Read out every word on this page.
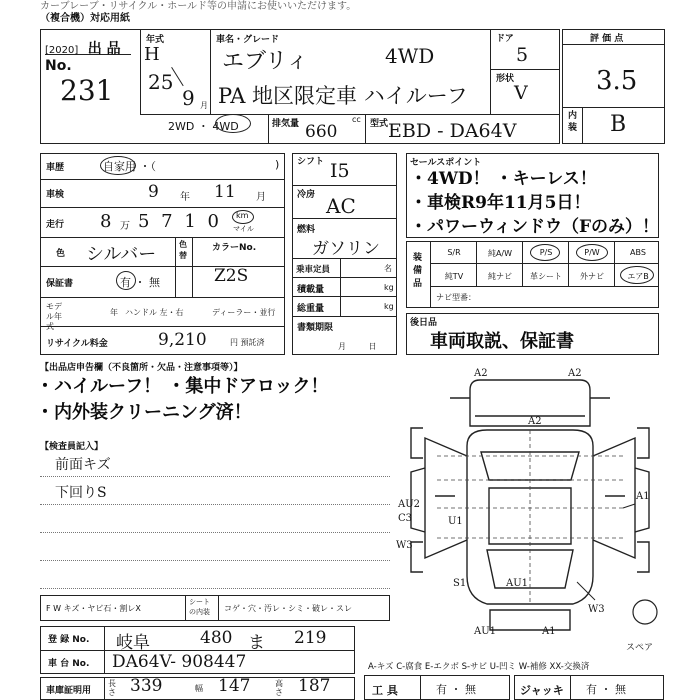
カーブレーブ・リサイクル・ホールド等の申請にお使いいただけます。
（複合機）対応用紙
[2020] 出 品 No.
231
年式
H
25
9 月
車名・グレード
エブリィ	4WD
PA 地区限定車 ハイルーフ
ドア
5
形状
V
2WD ・ 4WD	排気量	cc
660	型式 EBD - DA64V
評 価 点
3.5
内装 B
車歴	自家用 ・（	)
車検	9 年 11 月
走行 8 万 5 7 1 0 km
マイル
色 シルバー	色替
カラーNo.
Z2S
保証書	有 ・ 無
モデル年式
年 ハンドル 左・右	ディーラー・並行
リサイクル料金	9,210	円 預託済
シフト I5
冷房 AC
燃料
ガソリン
乗車定員	名
積載量	kg
総重量	kg
書類期限
月 日
セールスポイント
・4WD！ ・キーレス！
・車検R9年11月5日！
・パワーウィンドウ（Fのみ）！
装備品
S/R	純A/W	P/S	P/W	ABS
純TV	純ナビ	革シート	外ナビ	エアB
ナビ型番：
後日品
車両取説、保証書
【出品店申告欄（不良箇所・欠品・注意事項等）】
・ハイルーフ！ ・集中ドアロック！
・内外装クリーニング済！
【検査員記入】
前面キズ
下回りS
A2	A2
A2
AU2
C3	U1
W3
S1	AU1
AU1	A1
W3
A1
スペア
F W キズ・ヤビ石・割レX
シートの内装	コゲ・穴・汚レ・シミ・破レ・スレ
登 録 No. 岐阜	480 ま 219
車 台 No. DA64V- 908447
車庫証明用
長さ 339	幅 147	高さ 187
A-キズ C-腐食 E-エクボ S-サビ U-凹ミ W-補修 XX-交換済
工 具	有 ・ 無	ジャッキ 有 ・ 無
